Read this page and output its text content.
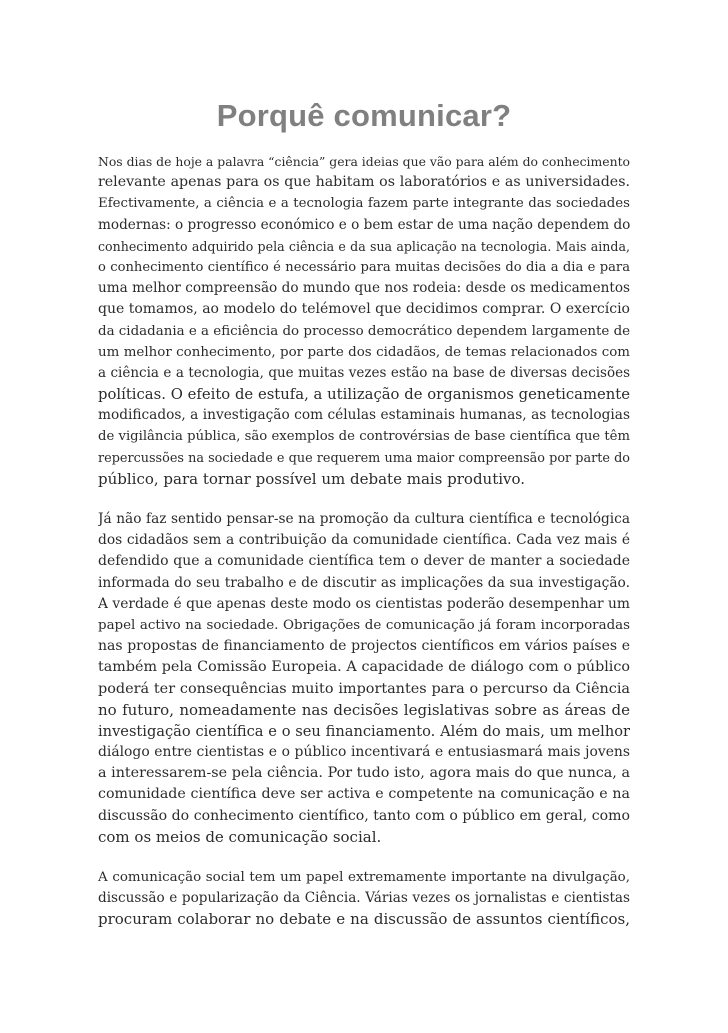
Porquê comunicar?
Nos dias de hoje a palavra “ciência” gera ideias que vão para além do conhecimento
relevante apenas para os que habitam os laboratórios e as universidades.
Efectivamente, a ciência e a tecnologia fazem parte integrante das sociedades
modernas: o progresso económico e o bem estar de uma nação dependem do
conhecimento adquirido pela ciência e da sua aplicação na tecnologia. Mais ainda,
o conhecimento científico é necessário para muitas decisões do dia a dia e para
uma melhor compreensão do mundo que nos rodeia: desde os medicamentos
que tomamos, ao modelo do telémovel que decidimos comprar. O exercício
da cidadania e a eficiência do processo democrático dependem largamente de
um melhor conhecimento, por parte dos cidadãos, de temas relacionados com
a ciência e a tecnologia, que muitas vezes estão na base de diversas decisões
políticas. O efeito de estufa, a utilização de organismos geneticamente
modificados, a investigação com células estaminais humanas, as tecnologias
de vigilância pública, são exemplos de controvérsias de base científica que têm
repercussões na sociedade e que requerem uma maior compreensão por parte do
público, para tornar possível um debate mais produtivo.
Já não faz sentido pensar-se na promoção da cultura científica e tecnológica
dos cidadãos sem a contribuição da comunidade científica. Cada vez mais é
defendido que a comunidade científica tem o dever de manter a sociedade
informada do seu trabalho e de discutir as implicações da sua investigação.
A verdade é que apenas deste modo os cientistas poderão desempenhar um
papel activo na sociedade. Obrigações de comunicação já foram incorporadas
nas propostas de financiamento de projectos científicos em vários países e
também pela Comissão Europeia. A capacidade de diálogo com o público
poderá ter consequências muito importantes para o percurso da Ciência
no futuro, nomeadamente nas decisões legislativas sobre as áreas de
investigação científica e o seu financiamento. Além do mais, um melhor
diálogo entre cientistas e o público incentivará e entusiasmará mais jovens
a interessarem-se pela ciência. Por tudo isto, agora mais do que nunca, a
comunidade científica deve ser activa e competente na comunicação e na
discussão do conhecimento científico, tanto com o público em geral, como
com os meios de comunicação social.
A comunicação social tem um papel extremamente importante na divulgação,
discussão e popularização da Ciência. Várias vezes os jornalistas e cientistas
procuram colaborar no debate e na discussão de assuntos científicos,
